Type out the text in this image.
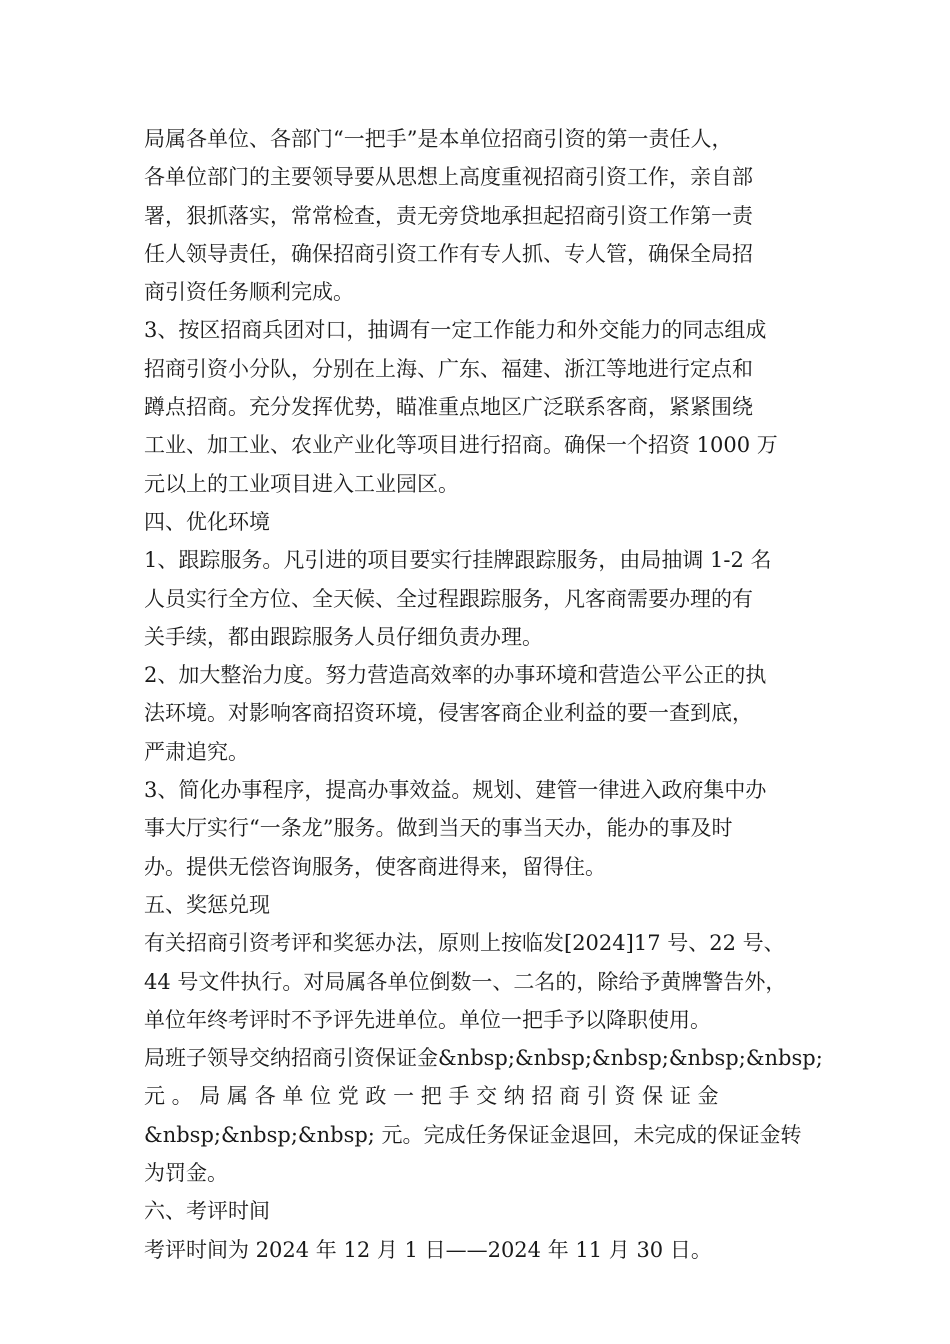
局属各单位、各部门“一把手”是本单位招商引资的第一责任人，
各单位部门的主要领导要从思想上高度重视招商引资工作，亲自部
署，狠抓落实，常常检查，责无旁贷地承担起招商引资工作第一责
任人领导责任，确保招商引资工作有专人抓、专人管，确保全局招
商引资任务顺利完成。
3、按区招商兵团对口，抽调有一定工作能力和外交能力的同志组成
招商引资小分队，分别在上海、广东、福建、浙江等地进行定点和
蹲点招商。充分发挥优势，瞄准重点地区广泛联系客商，紧紧围绕
工业、加工业、农业产业化等项目进行招商。确保一个招资 1000 万
元以上的工业项目进入工业园区。
四、优化环境
1、跟踪服务。凡引进的项目要实行挂牌跟踪服务，由局抽调 1-2 名
人员实行全方位、全天候、全过程跟踪服务，凡客商需要办理的有
关手续，都由跟踪服务人员仔细负责办理。
2、加大整治力度。努力营造高效率的办事环境和营造公平公正的执
法环境。对影响客商招资环境，侵害客商企业利益的要一查到底，
严肃追究。
3、简化办事程序，提高办事效益。规划、建管一律进入政府集中办
事大厅实行“一条龙”服务。做到当天的事当天办，能办的事及时
办。提供无偿咨询服务，使客商进得来，留得住。
五、奖惩兑现
有关招商引资考评和奖惩办法，原则上按临发[2024]17 号、22 号、
44 号文件执行。对局属各单位倒数一、二名的，除给予黄牌警告外，
单位年终考评时不予评先进单位。单位一把手予以降职使用。
局班子领导交纳招商引资保证金&nbsp;&nbsp;&nbsp;&nbsp;&nbsp;
元 。 局 属 各 单 位 党 政 一 把 手 交 纳 招 商 引 资 保 证 金
&nbsp;&nbsp;&nbsp; 元。完成任务保证金退回，未完成的保证金转
为罚金。
六、考评时间
考评时间为 2024 年 12 月 1 日——2024 年 11 月 30 日。
